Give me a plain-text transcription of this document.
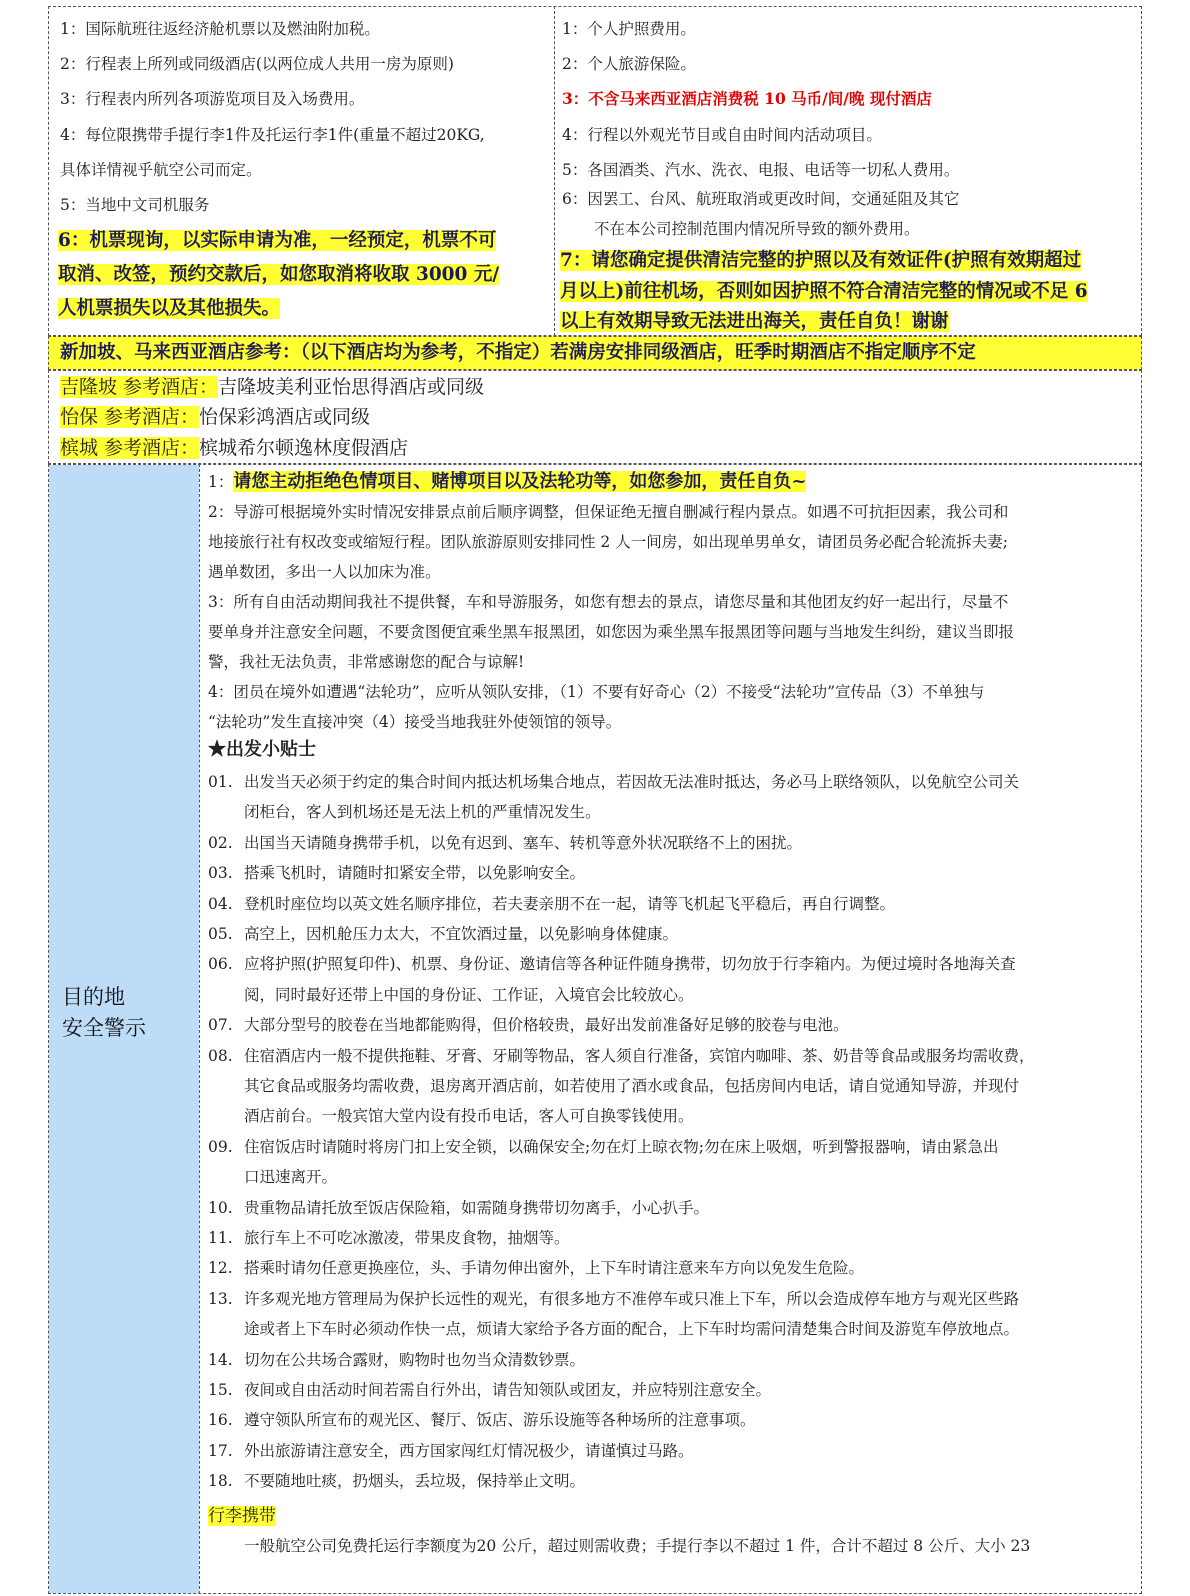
1：国际航班往返经济舱机票以及燃油附加税。
2：行程表上所列或同级酒店(以两位成人共用一房为原则)
3：行程表内所列各项游览项目及入场费用。
4：每位限携带手提行李1件及托运行李1件(重量不超过20KG,
具体详情视乎航空公司而定。
5：当地中文司机服务
6：机票现询，以实际申请为准，一经预定，机票不可
取消、改签，预约交款后，如您取消将收取 3000 元/
人机票损失以及其他损失。
1：个人护照费用。
2：个人旅游保险。
3：不含马来西亚酒店消费税 10 马币/间/晚 现付酒店
4：行程以外观光节目或自由时间内活动项目。
5：各国酒类、汽水、洗衣、电报、电话等一切私人费用。
6：因罢工、台风、航班取消或更改时间，交通延阻及其它
不在本公司控制范围内情况所导致的额外费用。
7：请您确定提供清洁完整的护照以及有效证件(护照有效期超过
月以上)前往机场，否则如因护照不符合清洁完整的情况或不足 6
以上有效期导致无法进出海关，责任自负！谢谢
新加坡、马来西亚酒店参考：（以下酒店均为参考，不指定）若满房安排同级酒店，旺季时期酒店不指定顺序不定
吉隆坡 参考酒店：吉隆坡美利亚怡思得酒店或同级
怡保 参考酒店：怡保彩鸿酒店或同级
槟城 参考酒店：槟城希尔顿逸林度假酒店
目的地
安全警示
1：请您主动拒绝色情项目、赌博项目以及法轮功等，如您参加，责任自负~
2：导游可根据境外实时情况安排景点前后顺序调整，但保证绝无擅自删减行程内景点。如遇不可抗拒因素，我公司和
地接旅行社有权改变或缩短行程。团队旅游原则安排同性 2 人一间房，如出现单男单女，请团员务必配合轮流拆夫妻;
遇单数团，多出一人以加床为准。
3：所有自由活动期间我社不提供餐，车和导游服务，如您有想去的景点，请您尽量和其他团友约好一起出行，尽量不
要单身并注意安全问题，不要贪图便宜乘坐黑车报黑团，如您因为乘坐黑车报黑团等问题与当地发生纠纷，建议当即报
警，我社无法负责，非常感谢您的配合与谅解!
4：团员在境外如遭遇“法轮功”，应听从领队安排，（1）不要有好奇心（2）不接受“法轮功”宣传品（3）不单独与
“法轮功”发生直接冲突（4）接受当地我驻外使领馆的领导。
★出发小贴士
01. 出发当天必须于约定的集合时间内抵达机场集合地点，若因故无法准时抵达，务必马上联络领队，以免航空公司关
闭柜台，客人到机场还是无法上机的严重情况发生。
02. 出国当天请随身携带手机，以免有迟到、塞车、转机等意外状况联络不上的困扰。
03. 搭乘飞机时，请随时扣紧安全带，以免影响安全。
04. 登机时座位均以英文姓名顺序排位，若夫妻亲朋不在一起，请等飞机起飞平稳后，再自行调整。
05. 高空上，因机舱压力太大，不宜饮酒过量，以免影响身体健康。
06. 应将护照(护照复印件)、机票、身份证、邀请信等各种证件随身携带，切勿放于行李箱内。为便过境时各地海关查
阅，同时最好还带上中国的身份证、工作证，入境官会比较放心。
07. 大部分型号的胶卷在当地都能购得，但价格较贵，最好出发前准备好足够的胶卷与电池。
08. 住宿酒店内一般不提供拖鞋、牙膏、牙刷等物品，客人须自行准备，宾馆内咖啡、茶、奶昔等食品或服务均需收费，
其它食品或服务均需收费，退房离开酒店前，如若使用了酒水或食品，包括房间内电话，请自觉通知导游，并现付
酒店前台。一般宾馆大堂内设有投币电话，客人可自换零钱使用。
09. 住宿饭店时请随时将房门扣上安全锁，以确保安全;勿在灯上晾衣物;勿在床上吸烟，听到警报器响，请由紧急出
口迅速离开。
10. 贵重物品请托放至饭店保险箱，如需随身携带切勿离手，小心扒手。
11. 旅行车上不可吃冰激凌，带果皮食物，抽烟等。
12. 搭乘时请勿任意更换座位，头、手请勿伸出窗外，上下车时请注意来车方向以免发生危险。
13. 许多观光地方管理局为保护长远性的观光，有很多地方不准停车或只准上下车，所以会造成停车地方与观光区些路
途或者上下车时必须动作快一点，烦请大家给予各方面的配合，上下车时均需问清楚集合时间及游览车停放地点。
14. 切勿在公共场合露财，购物时也勿当众清数钞票。
15. 夜间或自由活动时间若需自行外出，请告知领队或团友，并应特别注意安全。
16. 遵守领队所宣布的观光区、餐厅、饭店、游乐设施等各种场所的注意事项。
17. 外出旅游请注意安全，西方国家闯红灯情况极少，请谨慎过马路。
18. 不要随地吐痰，扔烟头，丢垃圾，保持举止文明。
行李携带
一般航空公司免费托运行李额度为20 公斤，超过则需收费；手提行李以不超过 1 件，合计不超过 8 公斤、大小 23
